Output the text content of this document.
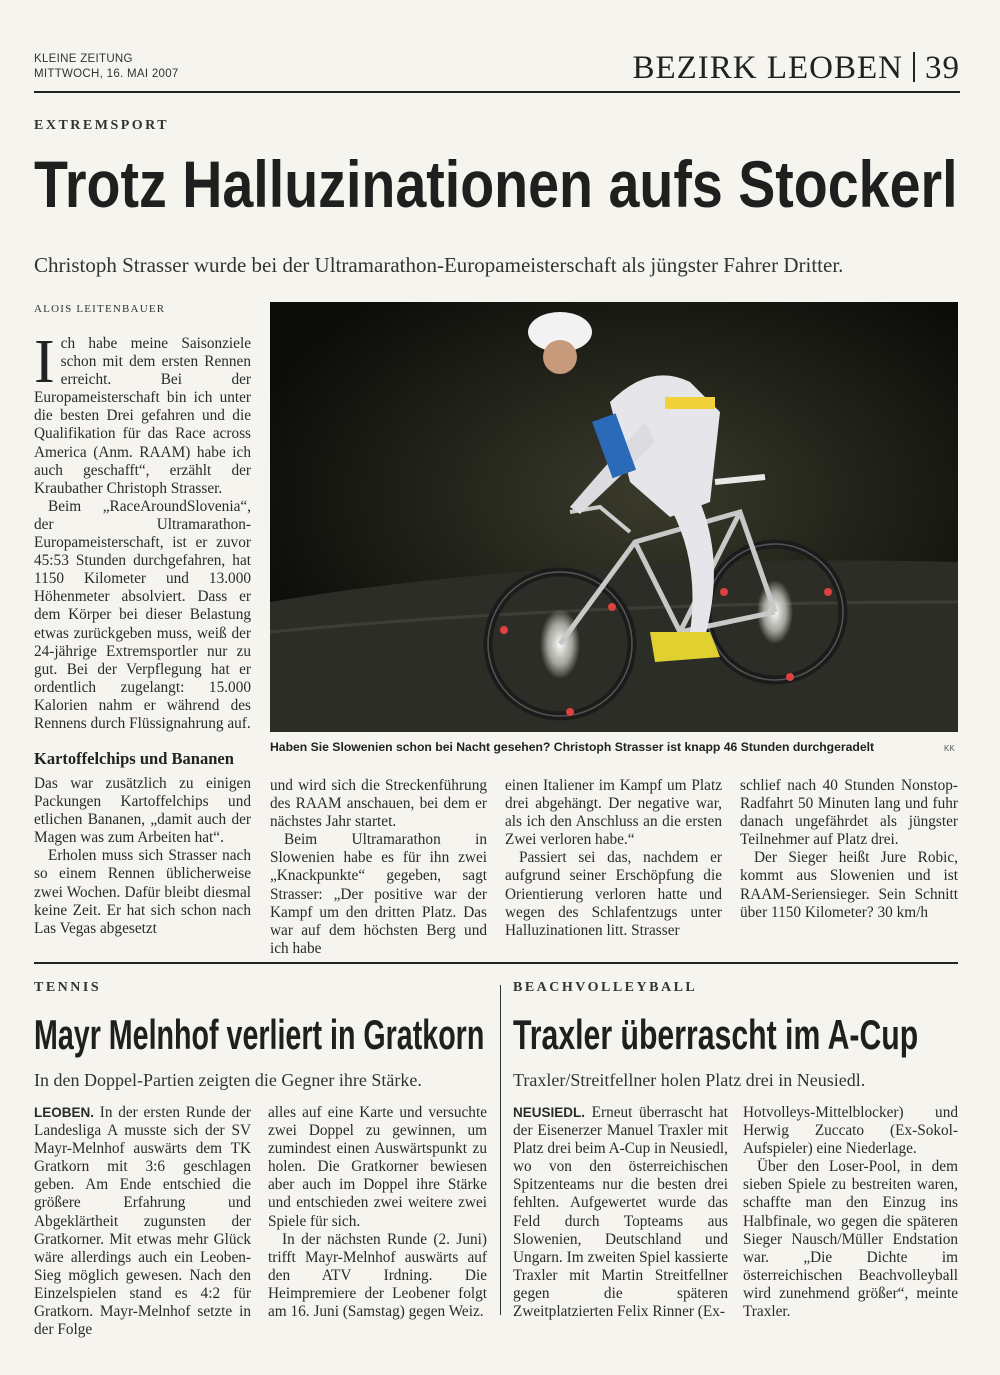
KLEINE ZEITUNG
MITTWOCH, 16. MAI 2007	BEZIRK LEOBEN 39
EXTREMSPORT
Trotz Halluzinationen aufs Stockerl
Christoph Strasser wurde bei der Ultramarathon-Europameisterschaft als jüngster Fahrer Dritter.
ALOIS LEITENBAUER

Ich habe meine Saisonziele schon mit dem ersten Rennen erreicht. Bei der Europameisterschaft bin ich unter die besten Drei gefahren und die Qualifikation für das Race across America (Anm. RAAM) habe ich auch geschafft“, erzählt der Kraubather Christoph Strasser.

Beim „RaceAroundSlovenia“, der Ultramarathon-Europameisterschaft, ist er zuvor 45:53 Stunden durchgefahren, hat 1150 Kilometer und 13.000 Höhenmeter absolviert. Dass er dem Körper bei dieser Belastung etwas zurückgeben muss, weiß der 24-jährige Extremsportler nur zu gut. Bei der Verpflegung hat er ordentlich zugelangt: 15.000 Kalorien nahm er während des Rennens durch Flüssignahrung auf.

Kartoffelchips und Bananen

Das war zusätzlich zu einigen Packungen Kartoffelchips und etlichen Bananen, „damit auch der Magen was zum Arbeiten hat“.

Erholen muss sich Strasser nach so einem Rennen üblicherweise zwei Wochen. Dafür bleibt diesmal keine Zeit. Er hat sich schon nach Las Vegas abgesetzt

Haben Sie Slowenien schon bei Nacht gesehen? Christoph Strasser ist knapp 46 Stunden durchgeradelt	KK

und wird sich die Streckenführung des RAAM anschauen, bei dem er nächstes Jahr startet.

Beim Ultramarathon in Slowenien habe es für ihn zwei „Knackpunkte“ gegeben, sagt Strasser: „Der positive war der Kampf um den dritten Platz. Das war auf dem höchsten Berg und ich habe

einen Italiener im Kampf um Platz drei abgehängt. Der negative war, als ich den Anschluss an die ersten Zwei verloren habe.“

Passiert sei das, nachdem er aufgrund seiner Erschöpfung die Orientierung verloren hatte und wegen des Schlafentzugs unter Halluzinationen litt. Strasser

schlief nach 40 Stunden Nonstop-Radfahrt 50 Minuten lang und fuhr danach ungefährdet als jüngster Teilnehmer auf Platz drei.

Der Sieger heißt Jure Robic, kommt aus Slowenien und ist RAAM-Seriensieger. Sein Schnitt über 1150 Kilometer? 30 km/h

TENNIS
Mayr Melnhof verliert in Gratkorn
In den Doppel-Partien zeigten die Gegner ihre Stärke.

LEOBEN. In der ersten Runde der Landesliga A musste sich der SV Mayr-Melnhof auswärts dem TK Gratkorn mit 3:6 geschlagen geben. Am Ende entschied die größere Erfahrung und Abgeklärtheit zugunsten der Gratkorner. Mit etwas mehr Glück wäre allerdings auch ein Leoben-Sieg möglich gewesen. Nach den Einzelspielen stand es 4:2 für Gratkorn. Mayr-Melnhof setzte in der Folge

alles auf eine Karte und versuchte zwei Doppel zu gewinnen, um zumindest einen Auswärtspunkt zu holen. Die Gratkorner bewiesen aber auch im Doppel ihre Stärke und entschieden zwei weitere zwei Spiele für sich.

In der nächsten Runde (2. Juni) trifft Mayr-Melnhof auswärts auf den ATV Irdning. Die Heimpremiere der Leobener folgt am 16. Juni (Samstag) gegen Weiz.

BEACHVOLLEYBALL
Traxler überrascht im A-Cup
Traxler/Streitfellner holen Platz drei in Neusiedl.

NEUSIEDL. Erneut überrascht hat der Eisenerzer Manuel Traxler mit Platz drei beim A-Cup in Neusiedl, wo von den österreichischen Spitzenteams nur die besten drei fehlten. Aufgewertet wurde das Feld durch Topteams aus Slowenien, Deutschland und Ungarn. Im zweiten Spiel kassierte Traxler mit Martin Streitfellner gegen die späteren Zweitplatzierten Felix Rinner (Ex-

Hotvolleys-Mittelblocker) und Herwig Zuccato (Ex-Sokol-Aufspieler) eine Niederlage.

Über den Loser-Pool, in dem sieben Spiele zu bestreiten waren, schaffte man den Einzug ins Halbfinale, wo gegen die späteren Sieger Nausch/Müller Endstation war. „Die Dichte im österreichischen Beachvolleyball wird zunehmend größer“, meinte Traxler.
